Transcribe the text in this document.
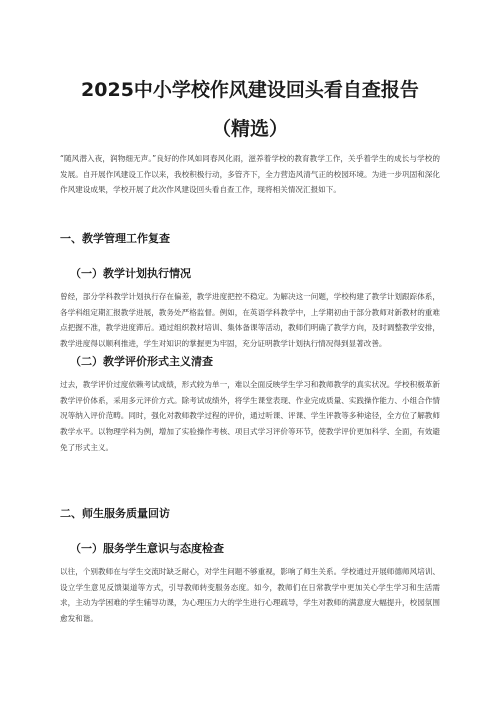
2025中小学校作风建设回头看自查报告
（精选）

“随风潜入夜，润物细无声。”良好的作风如同春风化雨，滋养着学校的教育教学工作，关乎着学生的成长与学校的发展。自开展作风建设工作以来，我校积极行动，多管齐下，全力营造风清气正的校园环境。为进一步巩固和深化作风建设成果，学校开展了此次作风建设回头看自查工作，现将相关情况汇报如下。

一、教学管理工作复查
（一）教学计划执行情况

曾经，部分学科教学计划执行存在偏差，教学进度把控不稳定。为解决这一问题，学校构建了教学计划跟踪体系，各学科组定期汇报教学进展，教务处严格监督。例如，在英语学科教学中，上学期初由于部分教师对新教材的重难点把握不准，教学进度滞后。通过组织教材培训、集体备课等活动，教师们明确了教学方向，及时调整教学安排，教学进度得以顺利推进，学生对知识的掌握更为牢固，充分证明教学计划执行情况得到显著改善。

（二）教学评价形式主义清查

过去，教学评价过度依赖考试成绩，形式较为单一，难以全面反映学生学习和教师教学的真实状况。学校积极革新教学评价体系，采用多元评价方式。除考试成绩外，将学生课堂表现、作业完成质量、实践操作能力、小组合作情况等纳入评价范畴。同时，强化对教师教学过程的评价，通过听课、评课、学生评教等多种途径，全方位了解教师教学水平。以物理学科为例，增加了实验操作考核、项目式学习评价等环节，使教学评价更加科学、全面，有效避免了形式主义。

二、师生服务质量回访
（一）服务学生意识与态度检查

以往，个别教师在与学生交流时缺乏耐心，对学生问题不够重视，影响了师生关系。学校通过开展师德师风培训、设立学生意见反馈渠道等方式，引导教师转变服务态度。如今，教师们在日常教学中更加关心学生学习和生活需求，主动为学困难的学生辅导功课，为心理压力大的学生进行心理疏导，学生对教师的满意度大幅提升，校园氛围愈发和谐。
